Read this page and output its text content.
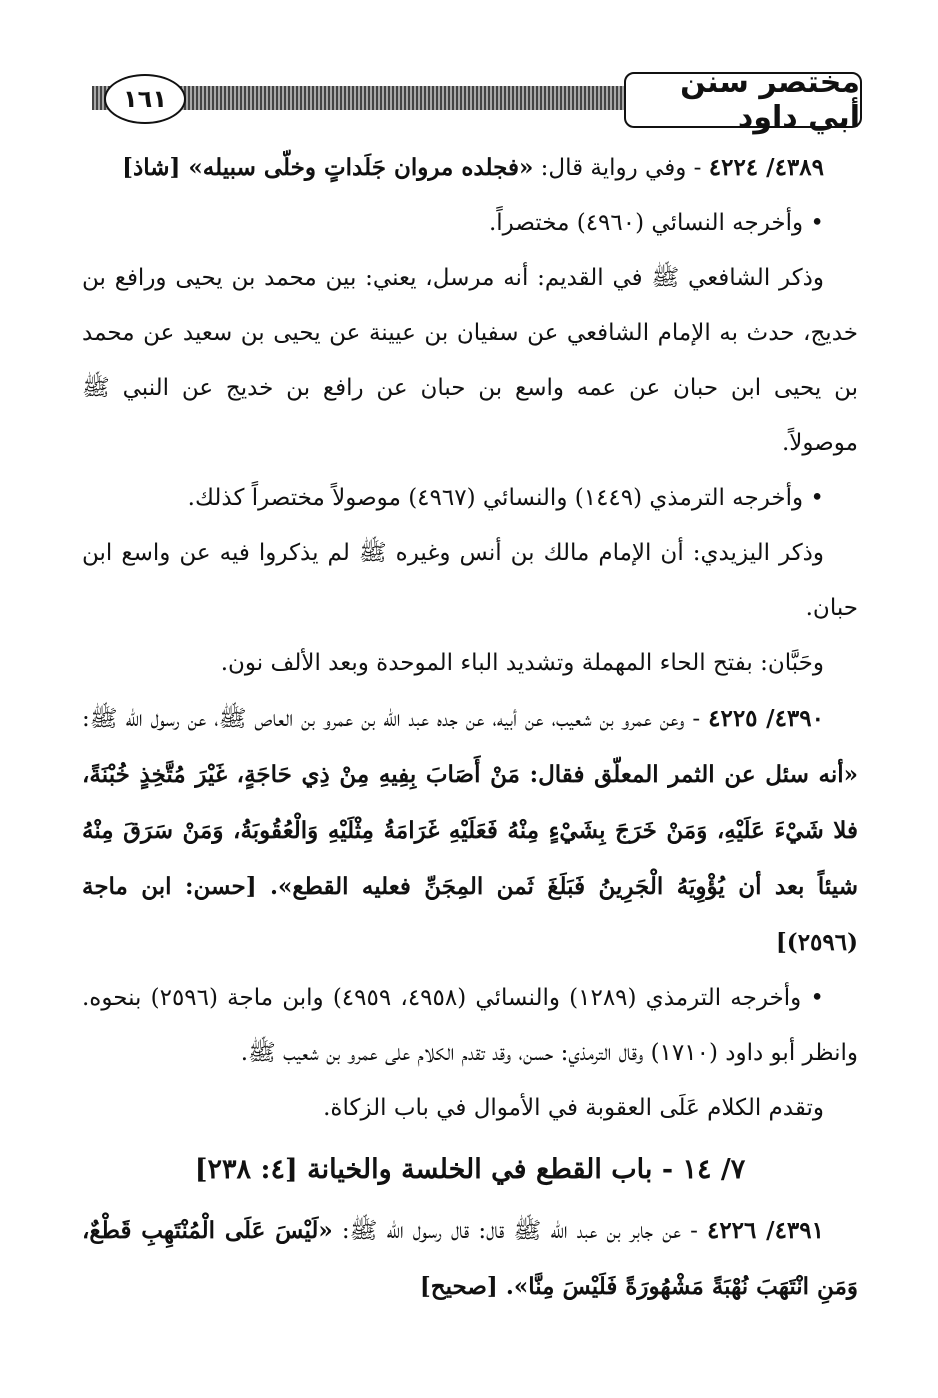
١٦١	مختصر سنن أبي داود

٤٣٨٩/ ٤٢٢٤ - وفي رواية قال: «فجلده مروان جَلَداتٍ وخلّى سبيله» [شاذ]

• وأخرجه النسائي (٤٩٦٠) مختصراً.

وذكر الشافعي ﷺ في القديم: أنه مرسل، يعني: بين محمد بن يحيى ورافع بن خديج، حدث به الإمام الشافعي عن سفيان بن عيينة عن يحيى بن سعيد عن محمد بن يحيى ابن حبان عن عمه واسع بن حبان عن رافع بن خديج عن النبي ﷺ موصولاً.

• وأخرجه الترمذي (١٤٤٩) والنسائي (٤٩٦٧) موصولاً مختصراً كذلك.

وذكر اليزيدي: أن الإمام مالك بن أنس وغيره ﷺ لم يذكروا فيه عن واسع ابن حبان.

وحَبَّان: بفتح الحاء المهملة وتشديد الباء الموحدة وبعد الألف نون.

٤٣٩٠/ ٤٢٢٥ - وعن عمرو بن شعيب، عن أبيه، عن جده عبد الله بن عمرو بن العاص ﷺ، عن رسول الله ﷺ: «أنه سئل عن الثمر المعلّق فقال: مَنْ أَصَابَ بِفِيهِ مِنْ ذِي حَاجَةٍ، غَيْرَ مُتَّخِذٍ خُبْنَةً، فلا شَيْءَ عَلَيْهِ، وَمَنْ خَرَجَ بِشَيْءٍ مِنْهُ فَعَلَيْهِ غَرَامَةُ مِثْلَيْهِ وَالْعُقُوبَةُ، وَمَنْ سَرَقَ مِنْهُ شيئاً بعد أن يُؤْوِيَهُ الْجَرِينُ فَبَلَغَ ثَمن المِجَنِّ فعليه القطع». [حسن: ابن ماجة (٢٥٩٦)]

• وأخرجه الترمذي (١٢٨٩) والنسائي (٤٩٥٨، ٤٩٥٩) وابن ماجة (٢٥٩٦) بنحوه. وانظر أبو داود (١٧١٠) وقال الترمذي: حسن، وقد تقدم الكلام على عمرو بن شعيب ﷺ.

وتقدم الكلام عَلَى العقوبة في الأموال في باب الزكاة.

٧/ ١٤ - باب القطع في الخلسة والخيانة [٤: ٢٣٨]

٤٣٩١/ ٤٢٢٦ - عن جابر بن عبد الله ﷺ قال: قال رسول الله ﷺ: «لَيْسَ عَلَى الْمُنْتَهِبِ قَطْعٌ، وَمَنِ انْتَهَبَ نُهْبَةً مَشْهُورَةً فَلَيْسَ مِنَّا». [صحيح]
